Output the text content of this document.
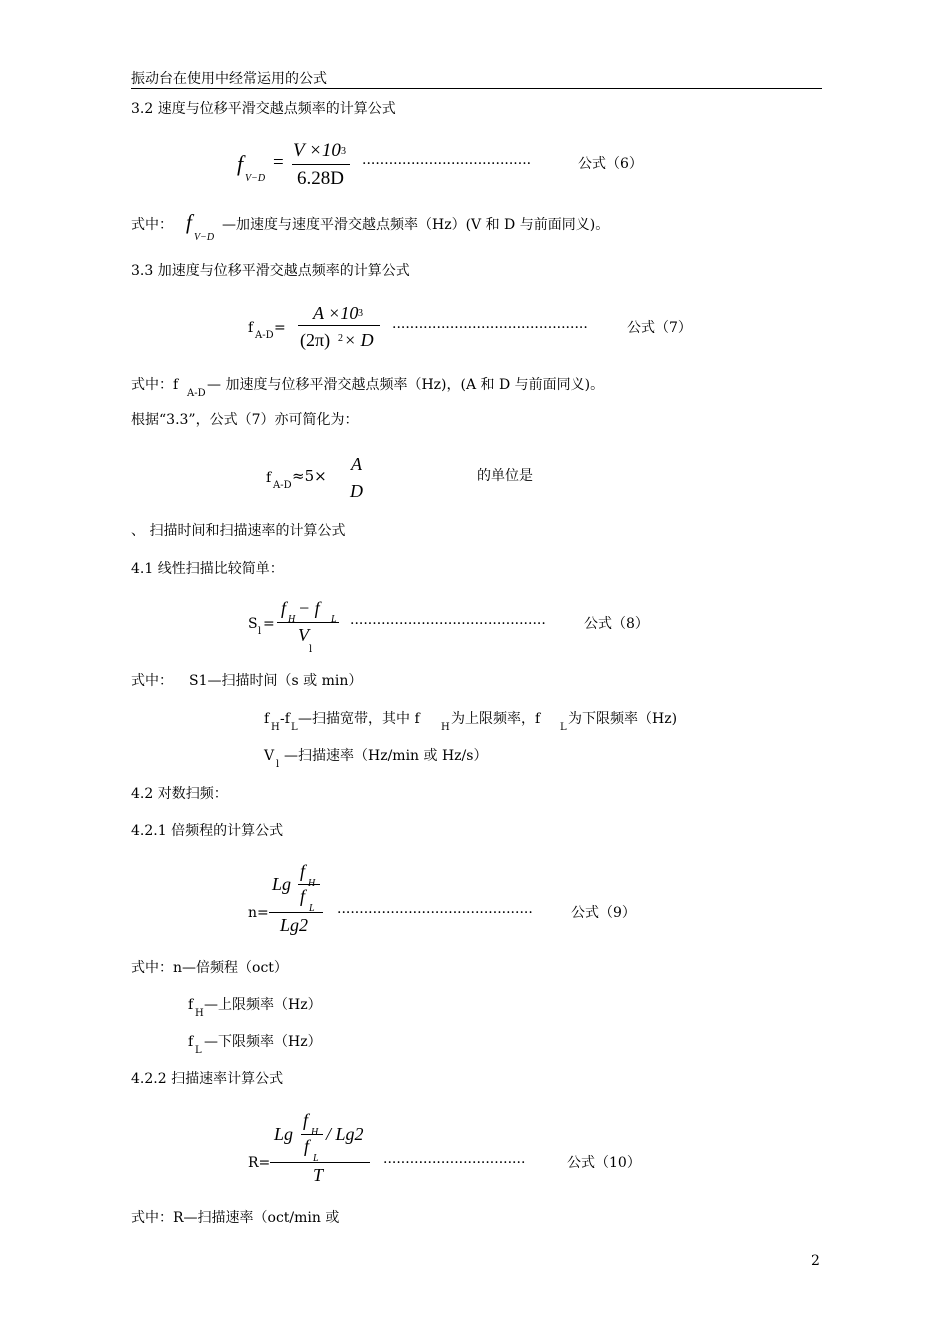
振动台在使用中经常运用的公式
3.2 速度与位移平滑交越点频率的计算公式
f
V−D
=
V ×10 3
6.28D
······································	公式（6）
式中： f
V−D
—加速度与速度平滑交越点频率（Hz）(V 和 D 与前面同义)。
3.3 加速度与位移平滑交越点频率的计算公式
f A-D =
A ×10 3
(2π) 2 × D
············································	公式（7）
式中：f
A-D
— 加速度与位移平滑交越点频率（Hz)，(A 和 D 与前面同义)。
根据“3.3”，公式（7）亦可简化为：
f A-D
≈5×
A
D
的单位是
、 扫描时间和扫描速率的计算公式
4.1 线性扫描比较简单：
S l =
f
H
− f
L
V
l
············································	公式（8）
式中： S1—扫描时间（s 或 min）
f
H
-f
L
—扫描宽带，其中 f
H
为上限频率，f
L
为下限频率（Hz)
V
l
—扫描速率（Hz/min 或 Hz/s）
4.2 对数扫频：
4.2.1 倍频程的计算公式
n=
Lg
f
H
f
L
Lg2
············································	公式（9）
式中：n—倍频程（oct）
f
H
—上限频率（Hz）
f
L
—下限频率（Hz）
4.2.2 扫描速率计算公式
R=
Lg
f
H / Lg2
f
L
T
································	公式（10）
式中：R—扫描速率（oct/min 或
2
